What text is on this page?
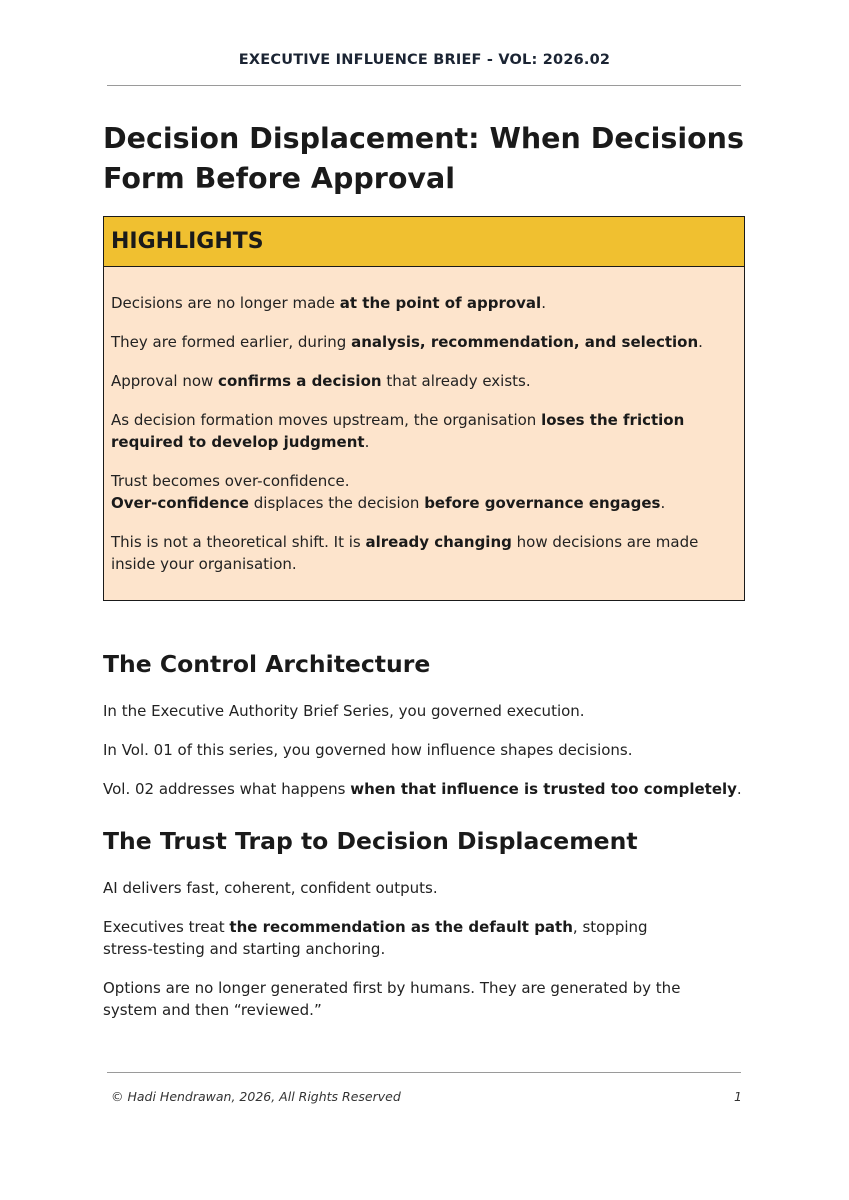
EXECUTIVE INFLUENCE BRIEF - VOL: 2026.02
Decision Displacement: When Decisions Form Before Approval
HIGHLIGHTS

Decisions are no longer made at the point of approval.

They are formed earlier, during analysis, recommendation, and selection.

Approval now confirms a decision that already exists.

As decision formation moves upstream, the organisation loses the friction required to develop judgment.

Trust becomes over-confidence.
Over-confidence displaces the decision before governance engages.

This is not a theoretical shift. It is already changing how decisions are made inside your organisation.

The Control Architecture

In the Executive Authority Brief Series, you governed execution.

In Vol. 01 of this series, you governed how influence shapes decisions.

Vol. 02 addresses what happens when that influence is trusted too completely.

The Trust Trap to Decision Displacement

AI delivers fast, coherent, confident outputs.

Executives treat the recommendation as the default path, stopping stress-testing and starting anchoring.

Options are no longer generated first by humans. They are generated by the system and then “reviewed.”

© Hadi Hendrawan, 2026, All Rights Reserved	1
